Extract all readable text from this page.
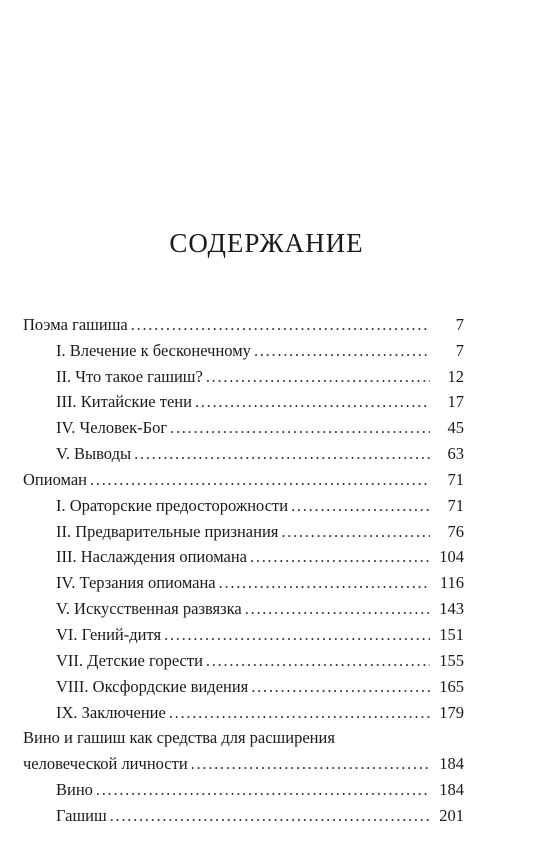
СОДЕРЖАНИЕ
Поэма гашиша . . .	7
I. Влечение к бесконечному . . .	7
II. Что такое гашиш? . . .	12
III. Китайские тени . . .	17
IV. Человек-Бог . . .	45
V. Выводы . . .	63
Опиоман . . .	71
I. Ораторские предосторожности . . .	71
II. Предварительные признания . . .	76
III. Наслаждения опиомана . . .	104
IV. Терзания опиомана . . .	116
V. Искусственная развязка . . .	143
VI. Гений-дитя . . .	151
VII. Детские горести . . .	155
VIII. Оксфордские видения . . .	165
IX. Заключение . . .	179
Вино и гашиш как средства для расширения
человеческой личности . . .	184
Вино . . .	184
Гашиш . . .	201
